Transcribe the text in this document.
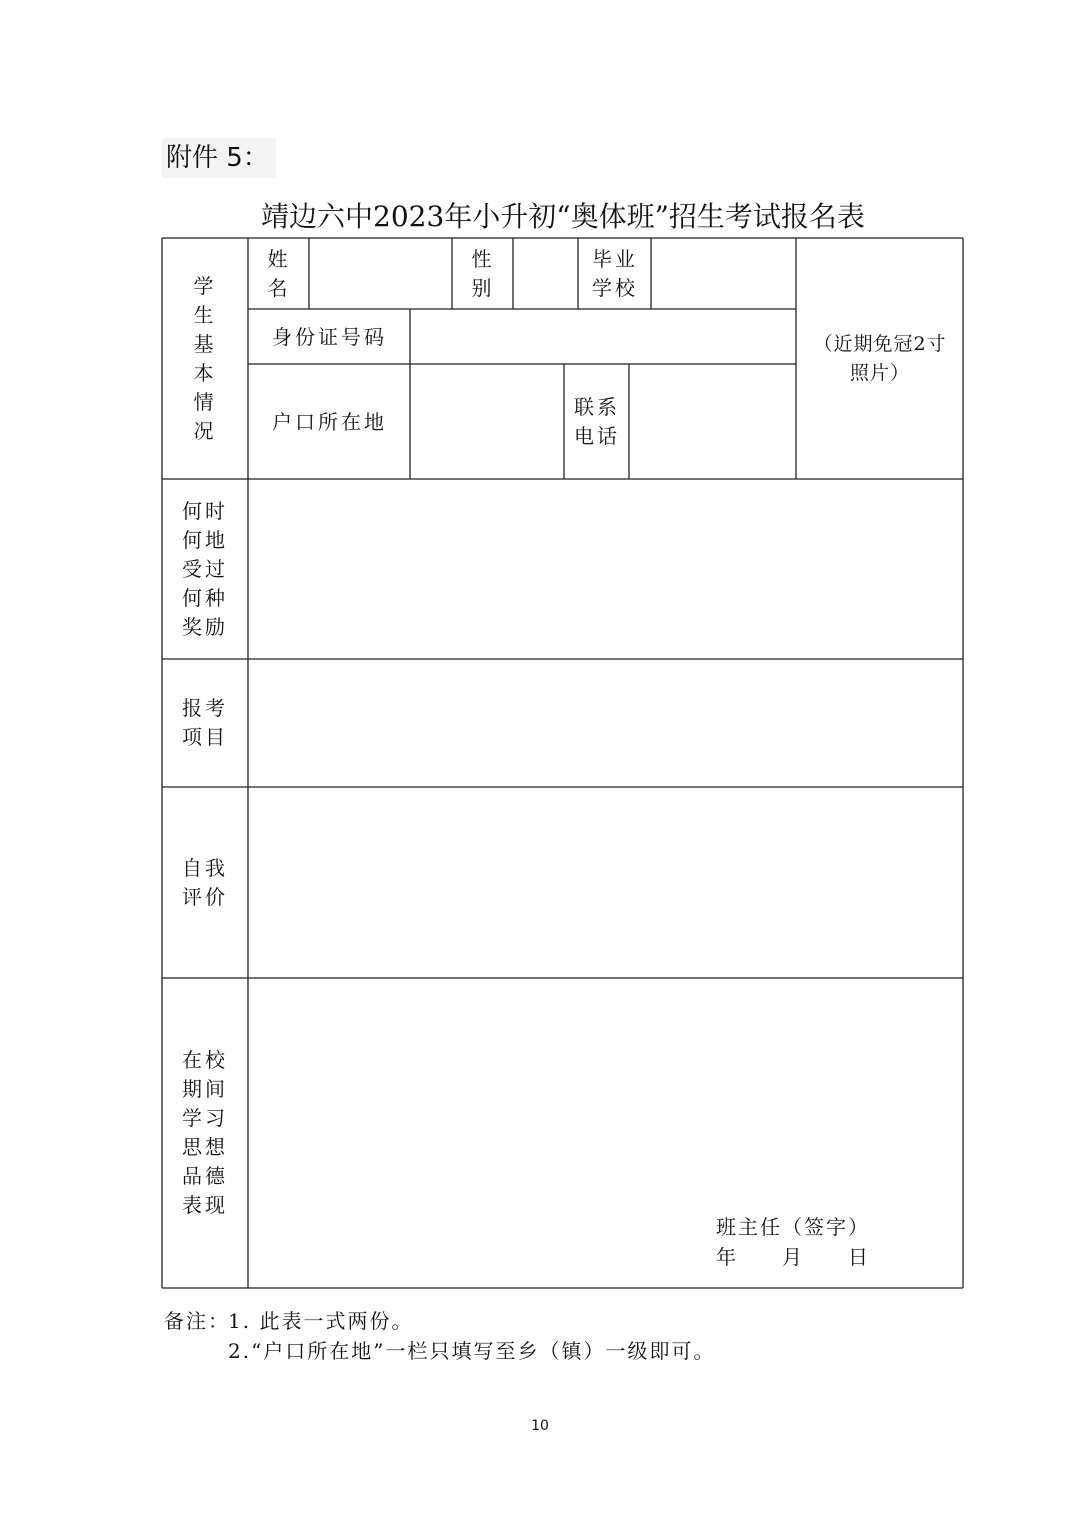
附件 5：
靖边六中2023年小升初“奥体班”招生考试报名表
学
生
基
本
情
况
姓
名
性
别
毕业
学校
身份证号码
户口所在地
联系
电话
（近期免冠2寸
照片）
何时
何地
受过
何种
奖励
报考
项目
自我
评价
在校
期间
学习
思想
品德
表现
班主任（签字）
年　　月　　日
备注：
1. 此表一式两份。
2.“户口所在地”一栏只填写至乡（镇）一级即可。
10
